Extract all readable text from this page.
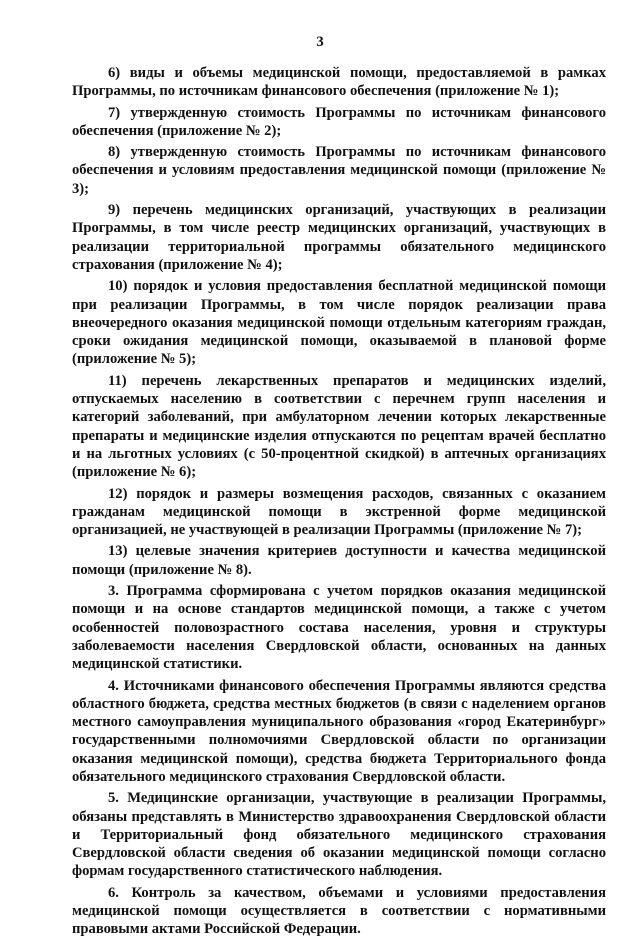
3

6) виды и объемы медицинской помощи, предоставляемой в рамках Программы, по источникам финансового обеспечения (приложение № 1);

7) утвержденную стоимость Программы по источникам финансового обеспечения (приложение № 2);

8) утвержденную стоимость Программы по источникам финансового обеспечения и условиям предоставления медицинской помощи (приложение № 3);

9) перечень медицинских организаций, участвующих в реализации Программы, в том числе реестр медицинских организаций, участвующих в реализации территориальной программы обязательного медицинского страхования (приложение № 4);

10) порядок и условия предоставления бесплатной медицинской помощи при реализации Программы, в том числе порядок реализации права внеочередного оказания медицинской помощи отдельным категориям граждан, сроки ожидания медицинской помощи, оказываемой в плановой форме (приложение № 5);

11) перечень лекарственных препаратов и медицинских изделий, отпускаемых населению в соответствии с перечнем групп населения и категорий заболеваний, при амбулаторном лечении которых лекарственные препараты и медицинские изделия отпускаются по рецептам врачей бесплатно и на льготных условиях (с 50-процентной скидкой) в аптечных организациях (приложение № 6);

12) порядок и размеры возмещения расходов, связанных с оказанием гражданам медицинской помощи в экстренной форме медицинской организацией, не участвующей в реализации Программы (приложение № 7);

13) целевые значения критериев доступности и качества медицинской помощи (приложение № 8).

3. Программа сформирована с учетом порядков оказания медицинской помощи и на основе стандартов медицинской помощи, а также с учетом особенностей половозрастного состава населения, уровня и структуры заболеваемости населения Свердловской области, основанных на данных медицинской статистики.

4. Источниками финансового обеспечения Программы являются средства областного бюджета, средства местных бюджетов (в связи с наделением органов местного самоуправления муниципального образования «город Екатеринбург» государственными полномочиями Свердловской области по организации оказания медицинской помощи), средства бюджета Территориального фонда обязательного медицинского страхования Свердловской области.

5. Медицинские организации, участвующие в реализации Программы, обязаны представлять в Министерство здравоохранения Свердловской области и Территориальный фонд обязательного медицинского страхования Свердловской области сведения об оказании медицинской помощи согласно формам государственного статистического наблюдения.

6. Контроль за качеством, объемами и условиями предоставления медицинской помощи осуществляется в соответствии с нормативными правовыми актами Российской Федерации.
